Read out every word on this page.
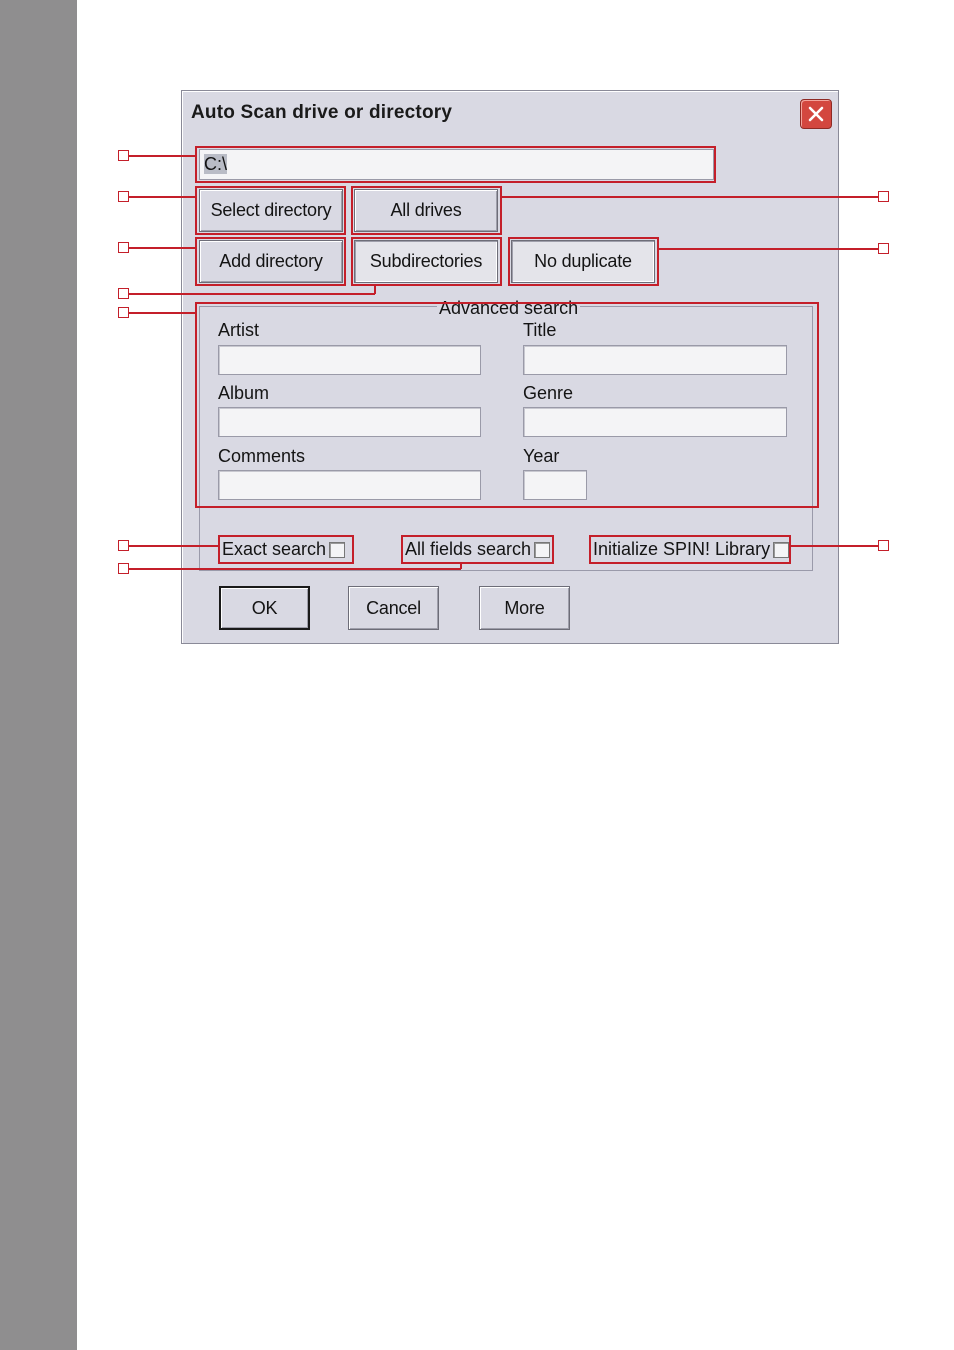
Auto Scan drive or directory
C:\
Select directory	All drives
Add directory	Subdirectories	No duplicate
Advanced search
Artist	Title
Album	Genre
Comments	Year
Exact search	All fields search	Initialize SPIN! Library
OK	Cancel	More
